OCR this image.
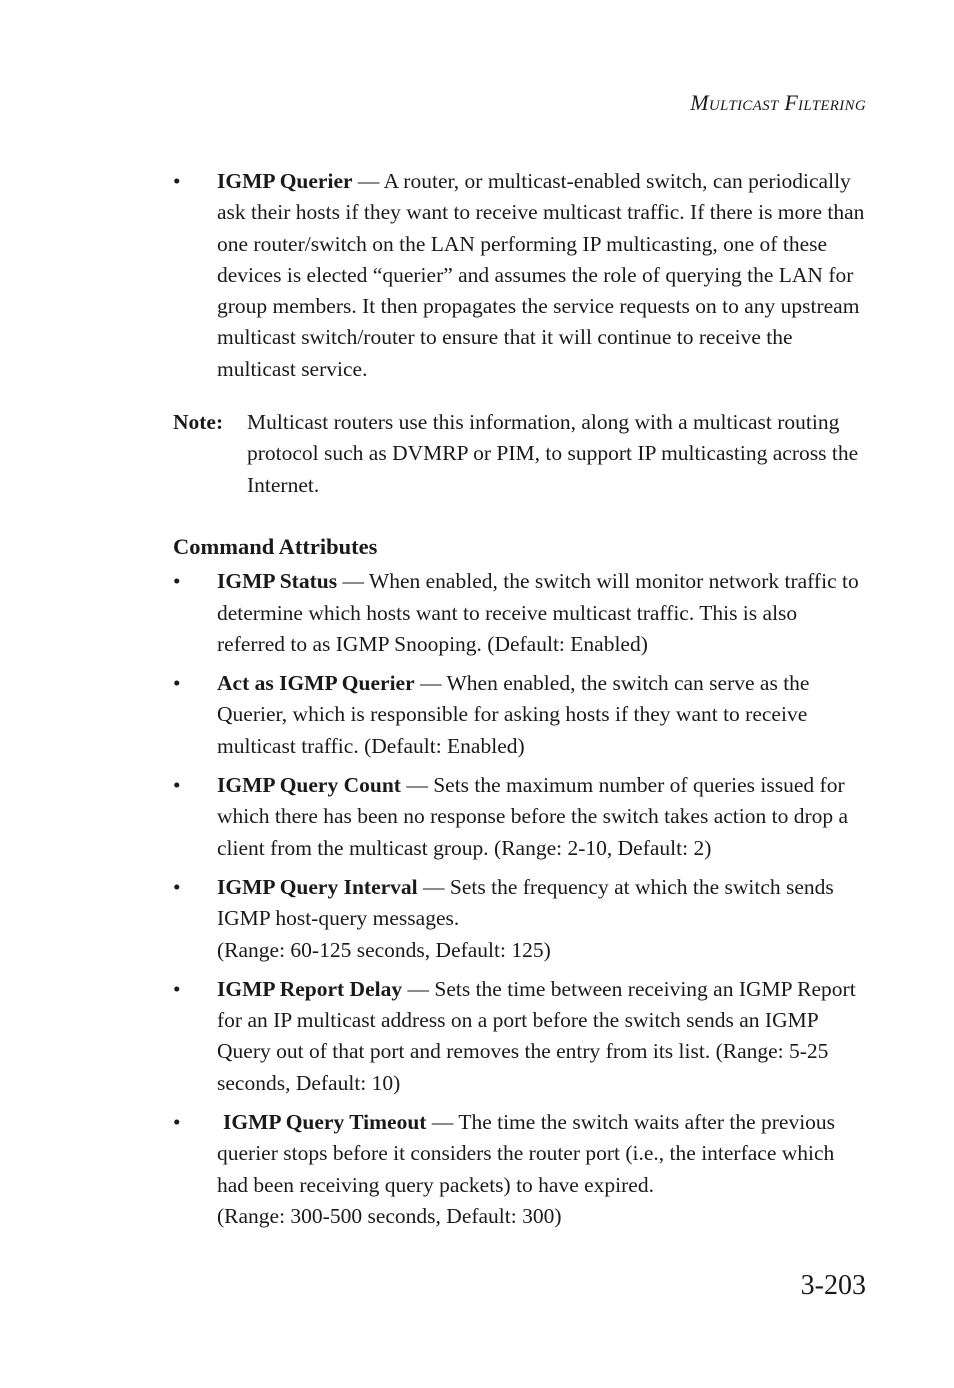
Multicast Filtering
• IGMP Querier — A router, or multicast-enabled switch, can periodically ask their hosts if they want to receive multicast traffic. If there is more than one router/switch on the LAN performing IP multicasting, one of these devices is elected “querier” and assumes the role of querying the LAN for group members. It then propagates the service requests on to any upstream multicast switch/router to ensure that it will continue to receive the multicast service.
Note: Multicast routers use this information, along with a multicast routing protocol such as DVMRP or PIM, to support IP multicasting across the Internet.
Command Attributes
• IGMP Status — When enabled, the switch will monitor network traffic to determine which hosts want to receive multicast traffic. This is also referred to as IGMP Snooping. (Default: Enabled)
• Act as IGMP Querier — When enabled, the switch can serve as the Querier, which is responsible for asking hosts if they want to receive multicast traffic. (Default: Enabled)
• IGMP Query Count — Sets the maximum number of queries issued for which there has been no response before the switch takes action to drop a client from the multicast group. (Range: 2-10, Default: 2)
• IGMP Query Interval — Sets the frequency at which the switch sends IGMP host-query messages.
(Range: 60-125 seconds, Default: 125)
• IGMP Report Delay — Sets the time between receiving an IGMP Report for an IP multicast address on a port before the switch sends an IGMP Query out of that port and removes the entry from its list. (Range: 5-25 seconds, Default: 10)
• IGMP Query Timeout — The time the switch waits after the previous querier stops before it considers the router port (i.e., the interface which had been receiving query packets) to have expired.
(Range: 300-500 seconds, Default: 300)
3-203
